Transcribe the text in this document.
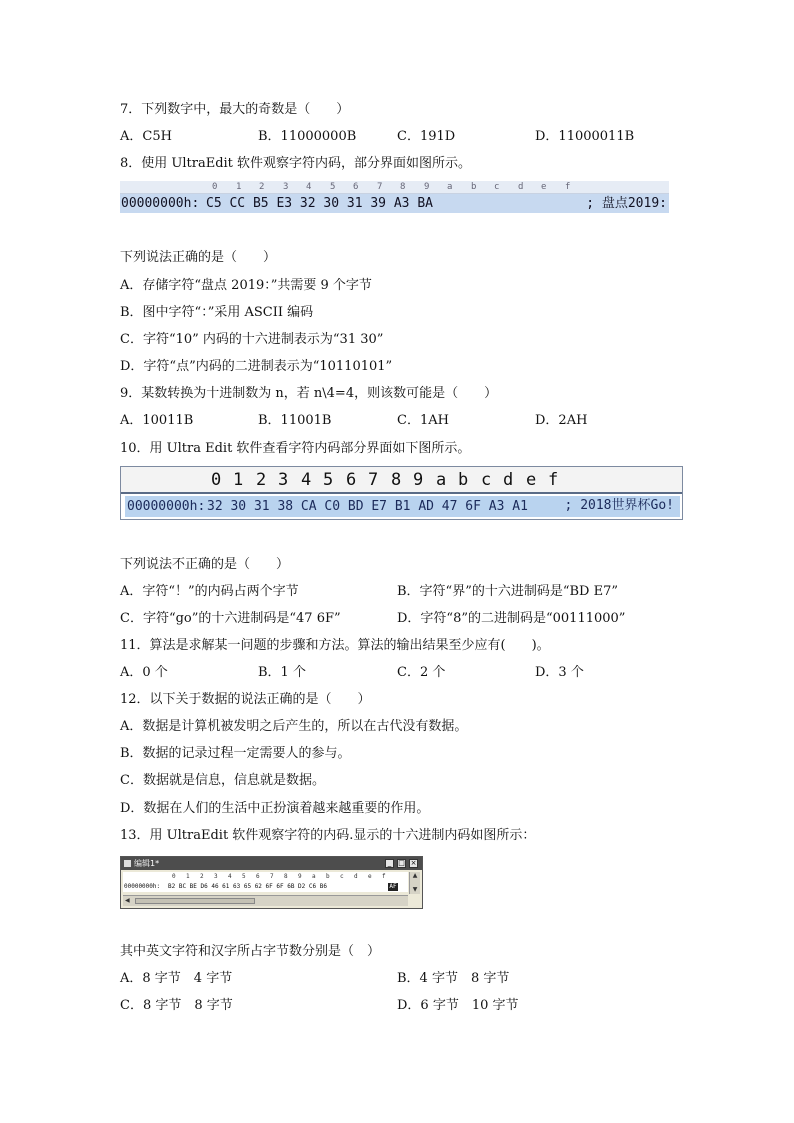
7．下列数字中，最大的奇数是（　　）
A．C5H	B．11000000B	C．191D	D．11000011B
8．使用 UltraEdit 软件观察字符内码，部分界面如图所示。
0 1 2 3 4 5 6 7 8 9 a b c d e f
00000000h: C5 CC B5 E3 32 30 31 39 A3 BA	; 盘点2019:
下列说法正确的是（　　）
A．存储字符“盘点 2019：”共需要 9 个字节
B．图中字符“：”采用 ASCII 编码
C．字符“10” 内码的十六进制表示为“31 30”
D．字符“点”内码的二进制表示为“10110101”
9．某数转换为十进制数为 n，若 n\4=4，则该数可能是（　　）
A．10011B	B．11001B	C．1AH	D．2AH
10．用 Ultra Edit 软件查看字符内码部分界面如下图所示。
0 1 2 3 4 5 6 7 8 9 a b c d e f
00000000h: 32 30 31 38 CA C0 BD E7 B1 AD 47 6F A3 A1	; 2018世界杯Go!
下列说法不正确的是（　　）
A．字符“！”的内码占两个字节	B．字符“界”的十六进制码是“BD E7”
C．字符“go”的十六进制码是“47 6F”	D．字符“8”的二进制码是“00111000”
11．算法是求解某一问题的步骤和方法。算法的输出结果至少应有(　　)。
A．0 个	B．1 个	C．2 个	D．3 个
12．以下关于数据的说法正确的是（　　）
A．数据是计算机被发明之后产生的，所以在古代没有数据。
B．数据的记录过程一定需要人的参与。
C．数据就是信息，信息就是数据。
D．数据在人们的生活中正扮演着越来越重要的作用。
13．用 UltraEdit 软件观察字符的内码.显示的十六进制内码如图所示：
编辑1*	_ □ ×
0 1 2 3 4 5 6 7 8 9 a b c d e f
00000000h: B2 BC BE D6 46 61 63 65 62 6F 6F 6B D2 C6 B6	AF
▲
▼
◀
其中英文字符和汉字所占字节数分别是（　）
A．8 字节　4 字节	B．4 字节　8 字节
C．8 字节　8 字节	D．6 字节　10 字节
